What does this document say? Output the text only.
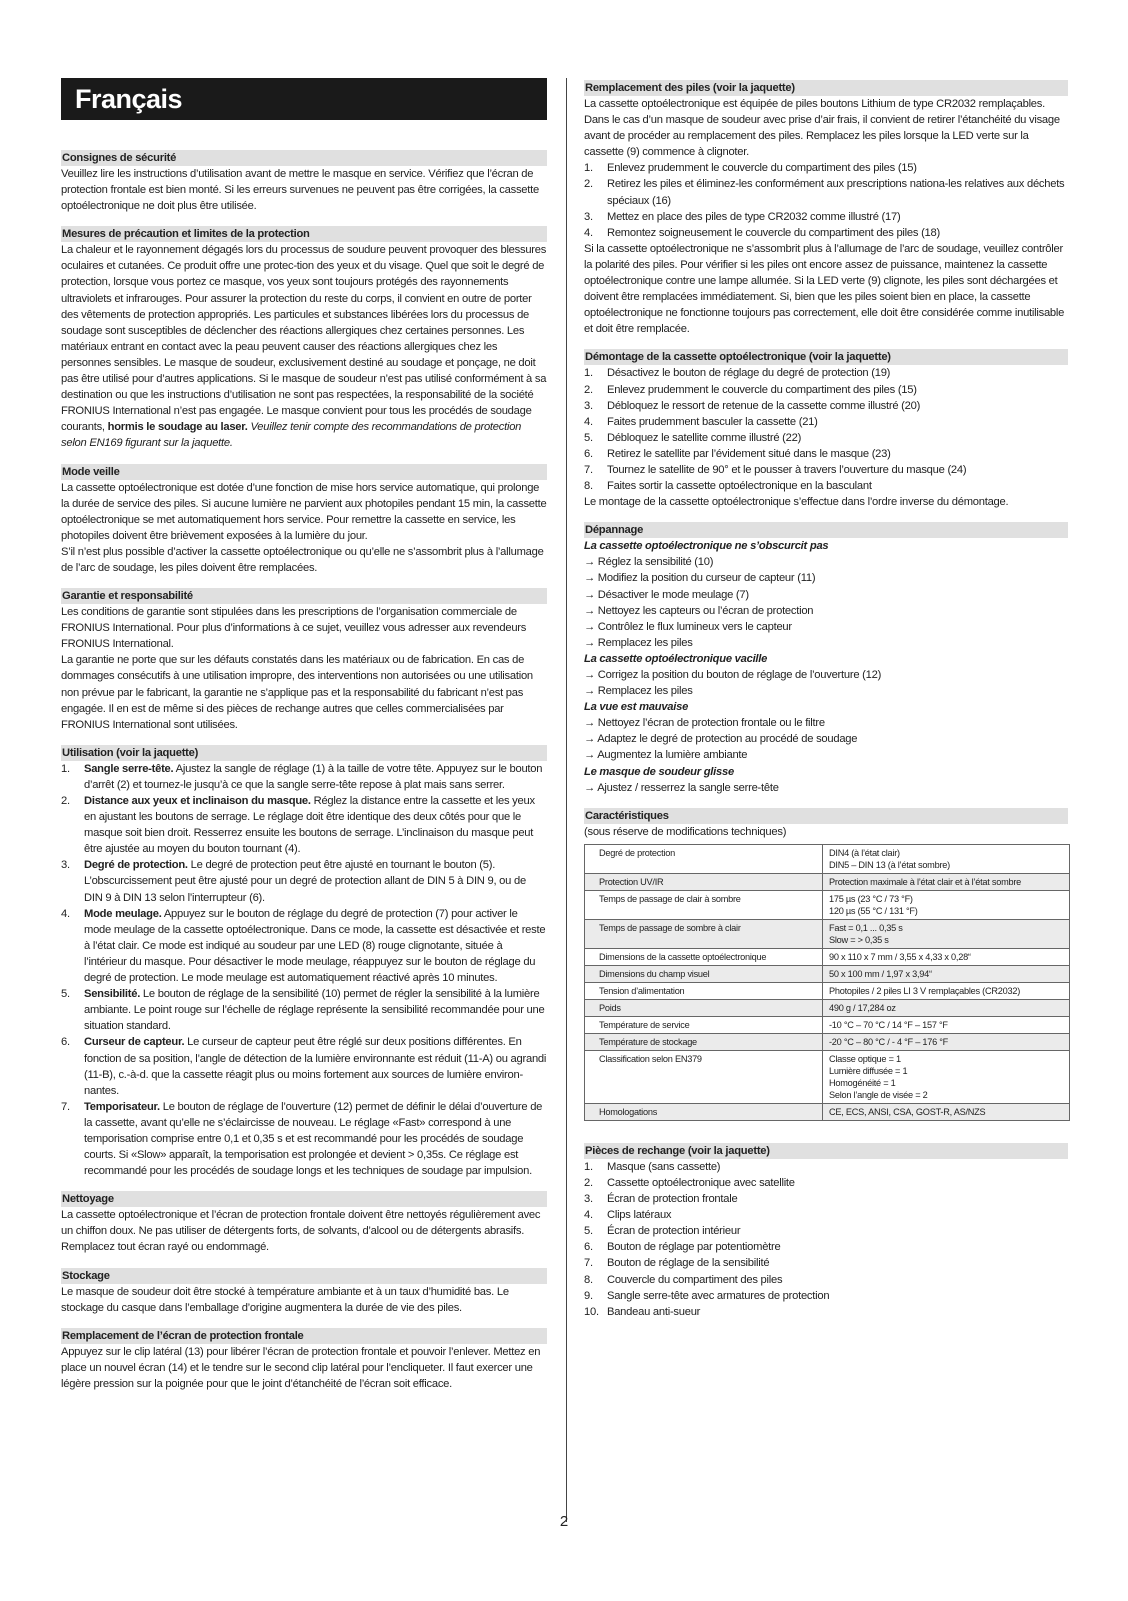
Français
Consignes de sécurité

Veuillez lire les instructions d’utilisation avant de mettre le masque en service. Vérifiez que l’écran de protection frontale est bien monté. Si les erreurs survenues ne peuvent pas être corrigées, la cassette optoélectronique ne doit plus être utilisée.

Mesures de précaution et limites de la protection

La chaleur et le rayonnement dégagés lors du processus de soudure peuvent provoquer des blessures oculaires et cutanées. Ce produit offre une protec-tion des yeux et du visage. Quel que soit le degré de protection, lorsque vous portez ce masque, vos yeux sont toujours protégés des rayonnements ultraviolets et infrarouges. Pour assurer la protection du reste du corps, il convient en outre de porter des vêtements de protection appropriés. Les particules et substances libérées lors du processus de soudage sont susceptibles de déclencher des réactions allergiques chez certaines personnes. Les matériaux entrant en contact avec la peau peuvent causer des réactions allergiques chez les personnes sensibles. Le masque de soudeur, exclusivement destiné au soudage et ponçage, ne doit pas être utilisé pour d’autres applications. Si le masque de soudeur n’est pas utilisé conformément à sa destination ou que les instructions d’utilisation ne sont pas respectées, la responsabilité de la société FRONIUS International n’est pas engagée. Le masque convient pour tous les procédés de soudage courants, hormis le soudage au laser. Veuillez tenir compte des recommandations de protection selon EN169 figurant sur la jaquette.

Mode veille

La cassette optoélectronique est dotée d’une fonction de mise hors service automatique, qui prolonge la durée de service des piles. Si aucune lumière ne parvient aux photopiles pendant 15 min, la cassette optoélectronique se met automatiquement hors service. Pour remettre la cassette en service, les photopiles doivent être brièvement exposées à la lumière du jour.

S’il n’est plus possible d’activer la cassette optoélectronique ou qu’elle ne s’assombrit plus à l’allumage de l’arc de soudage, les piles doivent être remplacées.

Garantie et responsabilité

Les conditions de garantie sont stipulées dans les prescriptions de l’organisation commerciale de FRONIUS International. Pour plus d’informations à ce sujet, veuillez vous adresser aux revendeurs FRONIUS International.

La garantie ne porte que sur les défauts constatés dans les matériaux ou de fabrication. En cas de dommages consécutifs à une utilisation impropre, des interventions non autorisées ou une utilisation non prévue par le fabricant, la garantie ne s’applique pas et la responsabilité du fabricant n’est pas engagée. Il en est de même si des pièces de rechange autres que celles commercialisées par FRONIUS International sont utilisées.

Utilisation (voir la jaquette)
1. Sangle serre-tête. Ajustez la sangle de réglage (1) à la taille de votre tête. Appuyez sur le bouton d’arrêt (2) et tournez-le jusqu’à ce que la sangle serre-tête repose à plat mais sans serrer.
2. Distance aux yeux et inclinaison du masque. Réglez la distance entre la cassette et les yeux en ajustant les boutons de serrage. Le réglage doit être identique des deux côtés pour que le masque soit bien droit. Resserrez ensuite les boutons de serrage. L’inclinaison du masque peut être ajustée au moyen du bouton tournant (4).
3. Degré de protection. Le degré de protection peut être ajusté en tournant le bouton (5). L’obscurcissement peut être ajusté pour un degré de protection allant de DIN 5 à DIN 9, ou de DIN 9 à DIN 13 selon l’interrupteur (6).
4. Mode meulage. Appuyez sur le bouton de réglage du degré de protection (7) pour activer le mode meulage de la cassette optoélectronique. Dans ce mode, la cassette est désactivée et reste à l’état clair. Ce mode est indiqué au soudeur par une LED (8) rouge clignotante, située à l’intérieur du masque. Pour désactiver le mode meulage, réappuyez sur le bouton de réglage du degré de protection. Le mode meulage est automatiquement réactivé après 10 minutes.
5. Sensibilité. Le bouton de réglage de la sensibilité (10) permet de régler la sensibilité à la lumière ambiante. Le point rouge sur l’échelle de réglage représente la sensibilité recommandée pour une situation standard.
6. Curseur de capteur. Le curseur de capteur peut être réglé sur deux positions différentes. En fonction de sa position, l’angle de détection de la lumière environnante est réduit (11-A) ou agrandi (11-B), c.-à-d. que la cassette réagit plus ou moins fortement aux sources de lumière environ-nantes.
7. Temporisateur. Le bouton de réglage de l’ouverture (12) permet de définir le délai d’ouverture de la cassette, avant qu’elle ne s’éclaircisse de nouveau. Le réglage «Fast» correspond à une temporisation comprise entre 0,1 et 0,35 s et est recommandé pour les procédés de soudage courts. Si «Slow» apparaît, la temporisation est prolongée et devient > 0,35s. Ce réglage est recommandé pour les procédés de soudage longs et les techniques de soudage par impulsion.
Nettoyage

La cassette optoélectronique et l’écran de protection frontale doivent être nettoyés régulièrement avec un chiffon doux. Ne pas utiliser de détergents forts, de solvants, d’alcool ou de détergents abrasifs. Remplacez tout écran rayé ou endommagé.

Stockage

Le masque de soudeur doit être stocké à température ambiante et à un taux d’humidité bas. Le stockage du casque dans l’emballage d’origine augmentera la durée de vie des piles.

Remplacement de l’écran de protection frontale

Appuyez sur le clip latéral (13) pour libérer l’écran de protection frontale et pouvoir l’enlever. Mettez en place un nouvel écran (14) et le tendre sur le second clip latéral pour l’encliqueter. Il faut exercer une légère pression sur la poignée pour que le joint d’étanchéité de l’écran soit efficace.

Remplacement des piles (voir la jaquette)

La cassette optoélectronique est équipée de piles boutons Lithium de type CR2032 remplaçables. Dans le cas d’un masque de soudeur avec prise d’air frais, il convient de retirer l’étanchéité du visage avant de procéder au remplacement des piles. Remplacez les piles lorsque la LED verte sur la cassette (9) commence à clignoter.

1. Enlevez prudemment le couvercle du compartiment des piles (15)
2. Retirez les piles et éliminez-les conformément aux prescriptions nationa-les relatives aux déchets spéciaux (16)
3. Mettez en place des piles de type CR2032 comme illustré (17)
4. Remontez soigneusement le couvercle du compartiment des piles (18)

Si la cassette optoélectronique ne s’assombrit plus à l’allumage de l’arc de soudage, veuillez contrôler la polarité des piles. Pour vérifier si les piles ont encore assez de puissance, maintenez la cassette optoélectronique contre une lampe allumée. Si la LED verte (9) clignote, les piles sont déchargées et doivent être remplacées immédiatement. Si, bien que les piles soient bien en place, la cassette optoélectronique ne fonctionne toujours pas correctement, elle doit être considérée comme inutilisable et doit être remplacée.

Démontage de la cassette optoélectronique (voir la jaquette)
1. Désactivez le bouton de réglage du degré de protection (19)
2. Enlevez prudemment le couvercle du compartiment des piles (15)
3. Débloquez le ressort de retenue de la cassette comme illustré (20)
4. Faites prudemment basculer la cassette (21)
5. Débloquez le satellite comme illustré (22)
6. Retirez le satellite par l’évidement situé dans le masque (23)
7. Tournez le satellite de 90° et le pousser à travers l’ouverture du masque (24)
8. Faites sortir la cassette optoélectronique en la basculant

Le montage de la cassette optoélectronique s’effectue dans l’ordre inverse du démontage.

Dépannage
La cassette optoélectronique ne s’obscurcit pas
→ Réglez la sensibilité (10)
→ Modifiez la position du curseur de capteur (11)
→ Désactiver le mode meulage (7)
→ Nettoyez les capteurs ou l’écran de protection
→ Contrôlez le flux lumineux vers le capteur
→ Remplacez les piles
La cassette optoélectronique vacille
→ Corrigez la position du bouton de réglage de l’ouverture (12)
→ Remplacez les piles
La vue est mauvaise
→ Nettoyez l’écran de protection frontale ou le filtre
→ Adaptez le degré de protection au procédé de soudage
→ Augmentez la lumière ambiante
Le masque de soudeur glisse
→ Ajustez / resserrez la sangle serre-tête
Caractéristiques

(sous réserve de modifications techniques)

Degré de protection	DIN4 (à l’état clair)
DIN5 – DIN 13 (à l’état sombre)

Protection UV/IR	Protection maximale à l’état clair et à l’état sombre

Temps de passage de clair à sombre	175 µs (23 °C / 73 °F)
120 µs (55 °C / 131 °F)

Temps de passage de sombre à clair	Fast = 0,1 ... 0,35 s
Slow = > 0,35 s

Dimensions de la cassette optoélectronique	90 x 110 x 7 mm / 3,55 x 4,33 x 0,28“

Dimensions du champ visuel	50 x 100 mm / 1,97 x 3,94“

Tension d’alimentation	Photopiles / 2 piles LI 3 V remplaçables (CR2032)

Poids	490 g / 17,284 oz

Température de service	-10 °C – 70 °C / 14 °F – 157 °F

Température de stockage	-20 °C – 80 °C / - 4 °F – 176 °F

Classification selon EN379	Classe optique = 1
Lumière diffusée = 1
Homogénéité = 1
Selon l’angle de visée = 2

Homologations	CE, ECS, ANSI, CSA, GOST-R, AS/NZS
Pièces de rechange (voir la jaquette)
1. Masque (sans cassette)
2. Cassette optoélectronique avec satellite
3. Écran de protection frontale
4. Clips latéraux
5. Écran de protection intérieur
6. Bouton de réglage par potentiomètre
7. Bouton de réglage de la sensibilité
8. Couvercle du compartiment des piles
9. Sangle serre-tête avec armatures de protection
10. Bandeau anti-sueur
2
